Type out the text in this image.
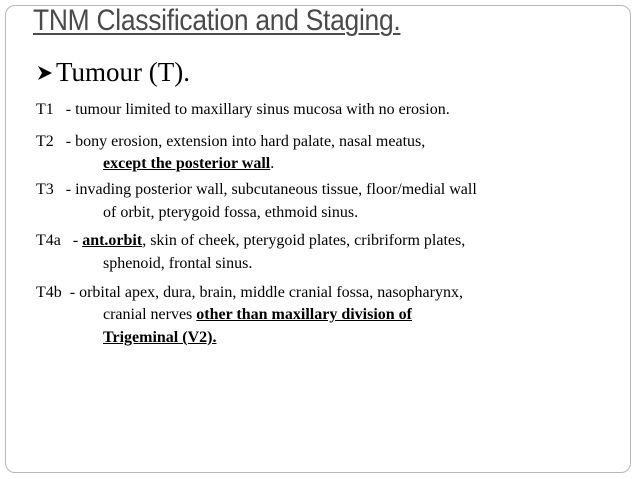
TNM Classification and Staging.
Tumour (T).
T1   - tumour limited to maxillary sinus mucosa with no erosion.
T2   - bony erosion, extension into hard palate, nasal meatus,
except the posterior wall.
T3   - invading posterior wall, subcutaneous tissue, floor/medial wall
of orbit, pterygoid fossa, ethmoid sinus.
T4a   - ant.orbit, skin of cheek, pterygoid plates, cribriform plates,
sphenoid, frontal sinus.
T4b  - orbital apex, dura, brain, middle cranial fossa, nasopharynx,
cranial nerves other than maxillary division of
Trigeminal (V2).
